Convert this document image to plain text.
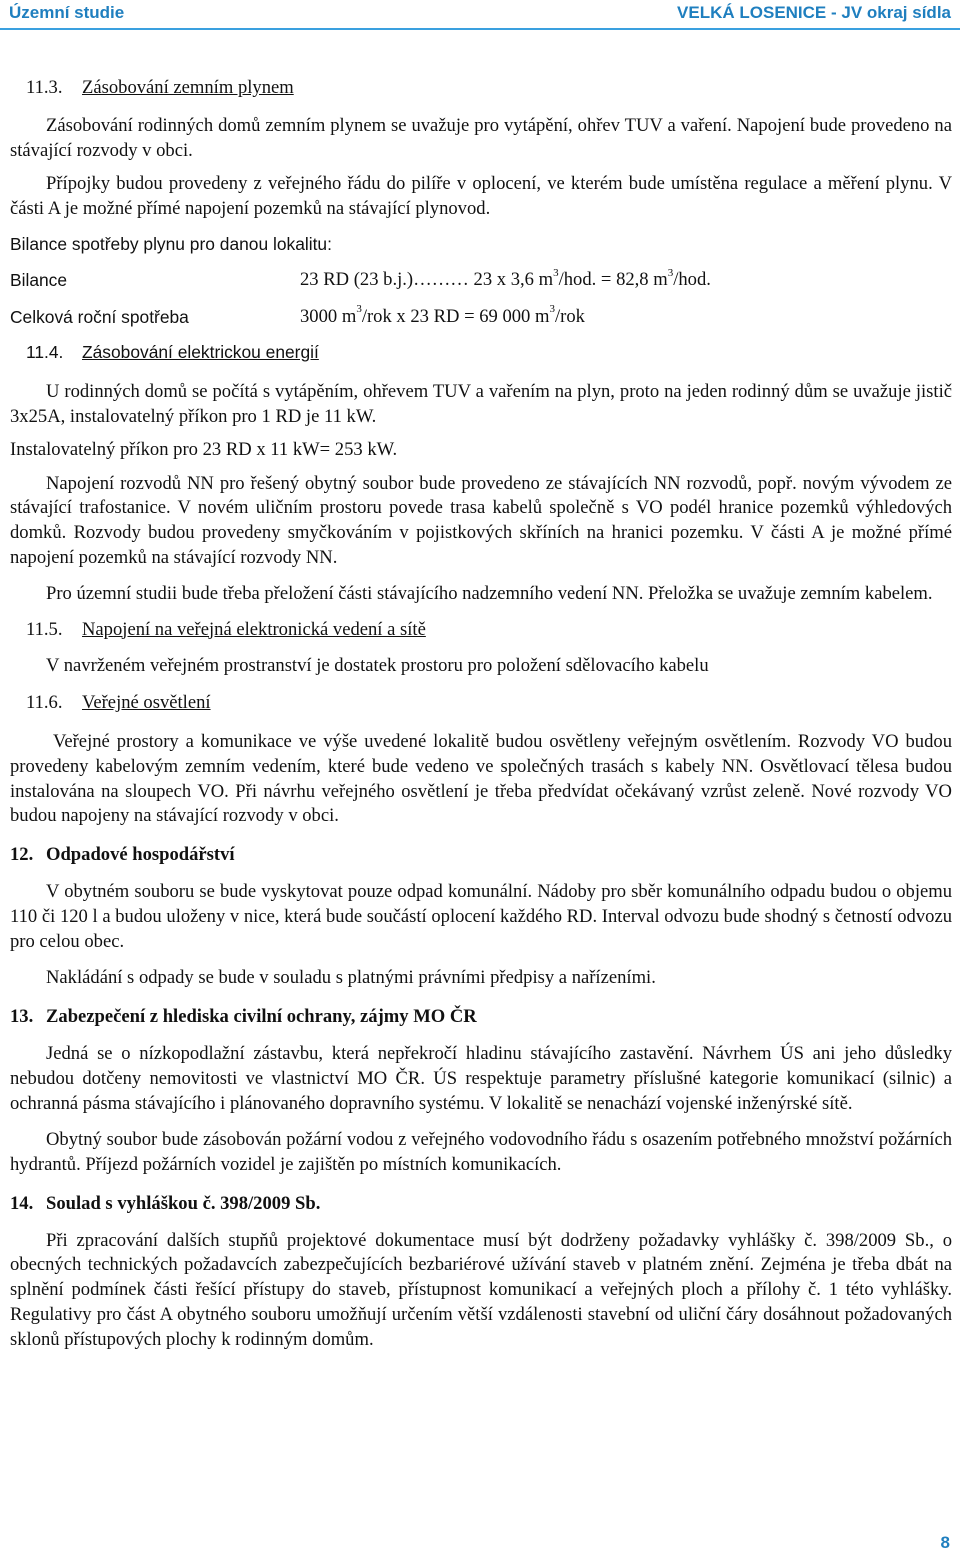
Územní studie	VELKÁ LOSENICE - JV okraj sídla
11.3. Zásobování zemním plynem

Zásobování rodinných domů zemním plynem se uvažuje pro vytápění, ohřev TUV a vaření. Napojení bude provedeno na stávající rozvody v obci.

Přípojky budou provedeny z veřejného řádu do pilíře v oplocení, ve kterém bude umístěna regulace a měření plynu. V části A je možné přímé napojení pozemků na stávající plynovod.

Bilance spotřeby plynu pro danou lokalitu:

Bilance	23 RD (23 b.j.)……… 23 x 3,6 $m^3$/hod. = 82,8 $m^3$/hod.
Celková roční spotřeba	3000 $m^3$/rok x 23 RD = 69 000 $m^3$/rok
11.4. Zásobování elektrickou energií

U rodinných domů se počítá s vytápěním, ohřevem TUV a vařením na plyn, proto na jeden rodinný dům se uvažuje jistič 3x25A, instalovatelný příkon pro 1 RD je 11 kW.

Instalovatelný příkon pro 23 RD x 11 kW= 253 kW.

Napojení rozvodů NN pro řešený obytný soubor bude provedeno ze stávajících NN rozvodů, popř. novým vývodem ze stávající trafostanice. V novém uličním prostoru povede trasa kabelů společně s VO podél hranice pozemků výhledových domků. Rozvody budou provedeny smyčkováním v pojistkových skříních na hranici pozemku. V části A je možné přímé napojení pozemků na stávající rozvody NN.

Pro územní studii bude třeba přeložení části stávajícího nadzemního vedení NN. Přeložka se uvažuje zemním kabelem.

11.5. Napojení na veřejná elektronická vedení a sítě

V navrženém veřejném prostranství je dostatek prostoru pro položení sdělovacího kabelu

11.6. Veřejné osvětlení

Veřejné prostory a komunikace ve výše uvedené lokalitě budou osvětleny veřejným osvětlením. Rozvody VO budou provedeny kabelovým zemním vedením, které bude vedeno ve společných trasách s kabely NN. Osvětlovací tělesa budou instalována na sloupech VO. Při návrhu veřejného osvětlení je třeba předvídat očekávaný vzrůst zeleně. Nové rozvody VO budou napojeny na stávající rozvody v obci.

12. Odpadové hospodářství

V obytném souboru se bude vyskytovat pouze odpad komunální. Nádoby pro sběr komunálního odpadu budou o objemu 110 či 120 l a budou uloženy v nice, která bude součástí oplocení každého RD. Interval odvozu bude shodný s četností odvozu pro celou obec.

Nakládání s odpady se bude v souladu s platnými právními předpisy a nařízeními.

13. Zabezpečení z hlediska civilní ochrany, zájmy MO ČR

Jedná se o nízkopodlažní zástavbu, která nepřekročí hladinu stávajícího zastavění. Návrhem ÚS ani jeho důsledky nebudou dotčeny nemovitosti ve vlastnictví MO ČR. ÚS respektuje parametry příslušné kategorie komunikací (silnic) a ochranná pásma stávajícího i plánovaného dopravního systému. V lokalitě se nenachází vojenské inženýrské sítě.

Obytný soubor bude zásobován požární vodou z veřejného vodovodního řádu s osazením potřebného množství požárních hydrantů. Příjezd požárních vozidel je zajištěn po místních komunikacích.

14. Soulad s vyhláškou č. 398/2009 Sb.

Při zpracování dalších stupňů projektové dokumentace musí být dodrženy požadavky vyhlášky č. 398/2009 Sb., o obecných technických požadavcích zabezpečujících bezbariérové užívání staveb v platném znění. Zejména je třeba dbát na splnění podmínek části řešící přístupy do staveb, přístupnost komunikací a veřejných ploch a přílohy č. 1 této vyhlášky. Regulativy pro část A obytného souboru umožňují určením větší vzdálenosti stavební od uliční čáry dosáhnout požadovaných sklonů přístupových plochy k rodinným domům.

8
